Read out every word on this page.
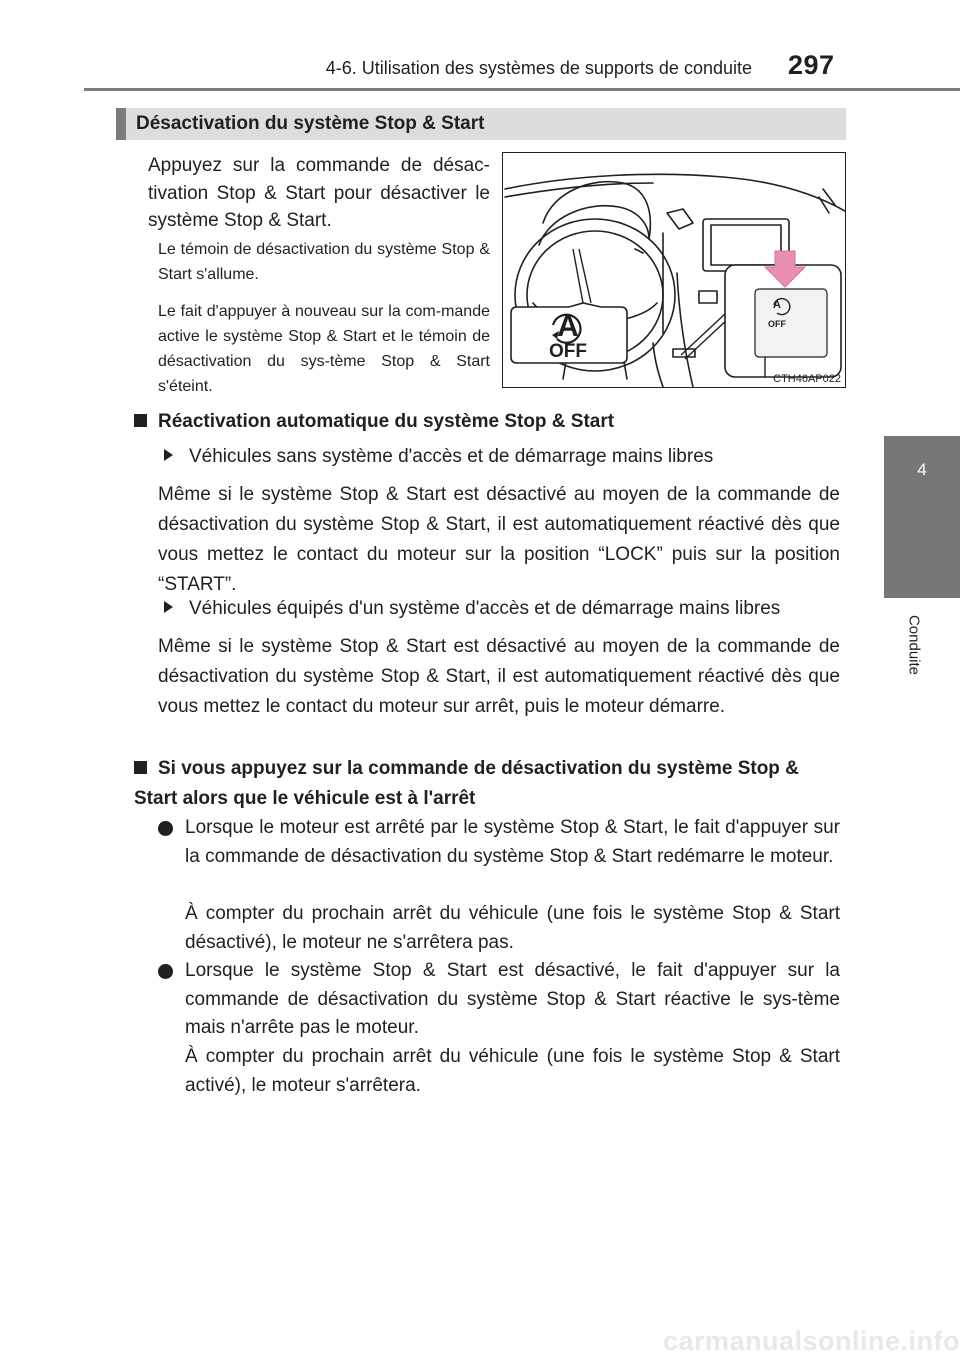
4-6. Utilisation des systèmes de supports de conduite 297
4
Conduite
Désactivation du système Stop & Start
Appuyez sur la commande de désac-tivation Stop & Start pour désactiver le système Stop & Start.
Le témoin de désactivation du système Stop & Start s'allume.
Le fait d'appuyer à nouveau sur la com-mande active le système Stop & Start et le témoin de désactivation du sys-tème Stop & Start s'éteint.
A
OFF
A
OFF
CTH46AP022
Réactivation automatique du système Stop & Start
Véhicules sans système d'accès et de démarrage mains libres
Même si le système Stop & Start est désactivé au moyen de la commande de désactivation du système Stop & Start, il est automatiquement réactivé dès que vous mettez le contact du moteur sur la position “LOCK” puis sur la position “START”.
Véhicules équipés d'un système d'accès et de démarrage mains libres
Même si le système Stop & Start est désactivé au moyen de la commande de désactivation du système Stop & Start, il est automatiquement réactivé dès que vous mettez le contact du moteur sur arrêt, puis le moteur démarre.
Si vous appuyez sur la commande de désactivation du système Stop & Start alors que le véhicule est à l'arrêt
Lorsque le moteur est arrêté par le système Stop & Start, le fait d'appuyer sur la commande de désactivation du système Stop & Start redémarre le moteur.
À compter du prochain arrêt du véhicule (une fois le système Stop & Start désactivé), le moteur ne s'arrêtera pas.
Lorsque le système Stop & Start est désactivé, le fait d'appuyer sur la commande de désactivation du système Stop & Start réactive le sys-tème mais n'arrête pas le moteur.
À compter du prochain arrêt du véhicule (une fois le système Stop & Start activé), le moteur s'arrêtera.
carmanualsonline.info
